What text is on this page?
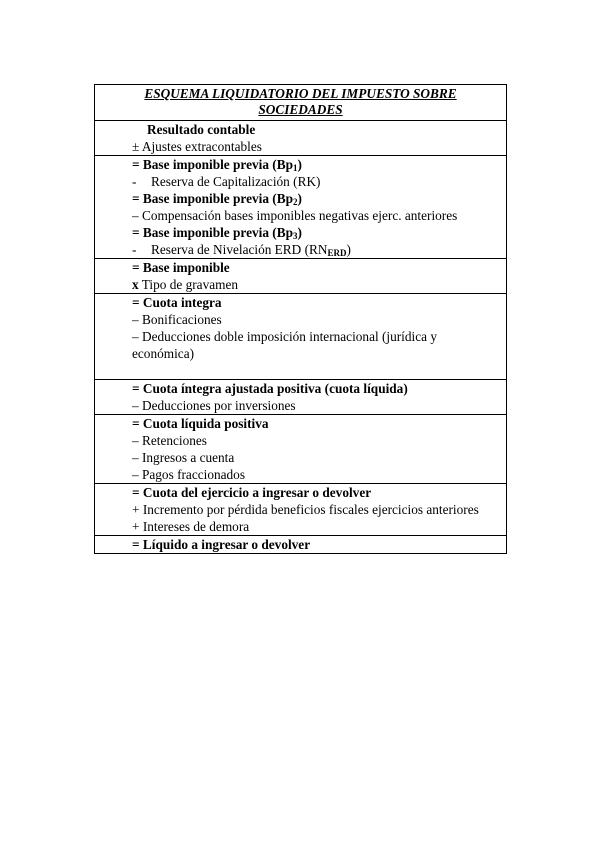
ESQUEMA LIQUIDATORIO DEL IMPUESTO SOBRE
SOCIEDADES
Resultado contable
± Ajustes extracontables
= Base imponible previa $(Bp_1)$
- Reserva de Capitalización (RK)
= Base imponible previa $(Bp_2)$
– Compensación bases imponibles negativas ejerc. anteriores
= Base imponible previa $(Bp_3)$
- Reserva de Nivelación ERD $(RN_{ERD})$
= Base imponible
x Tipo de gravamen
= Cuota integra
– Bonificaciones
– Deducciones doble imposición internacional (jurídica y económica)
= Cuota íntegra ajustada positiva (cuota líquida)
– Deducciones por inversiones
= Cuota líquida positiva
– Retenciones
– Ingresos a cuenta
– Pagos fraccionados
= Cuota del ejercicio a ingresar o devolver
+ Incremento por pérdida beneficios fiscales ejercicios anteriores
+ Intereses de demora
= Líquido a ingresar o devolver
